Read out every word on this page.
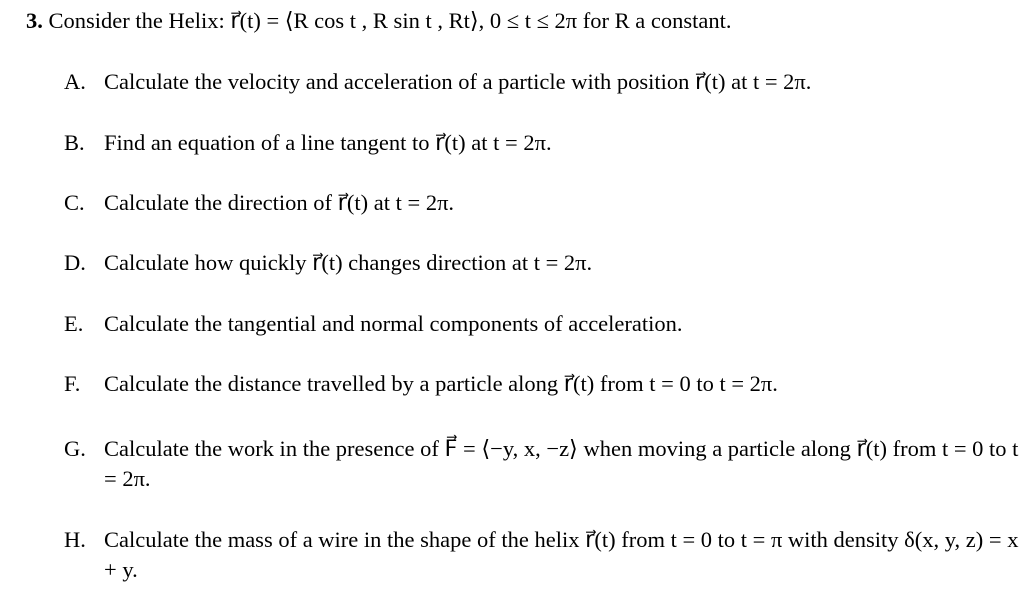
3. Consider the Helix: r⃗(t) = ⟨R cos t , R sin t , Rt⟩, 0 ≤ t ≤ 2π for R a constant.
A. Calculate the velocity and acceleration of a particle with position r⃗(t) at t = 2π.
B. Find an equation of a line tangent to r⃗(t) at t = 2π.
C. Calculate the direction of r⃗(t) at t = 2π.
D. Calculate how quickly r⃗(t) changes direction at t = 2π.
E. Calculate the tangential and normal components of acceleration.
F.	Calculate the distance travelled by a particle along r⃗(t) from t = 0 to t = 2π.
G. Calculate the work in the presence of F⃗ = ⟨−y, x, −z⟩ when moving a particle along r⃗(t) from t = 0 to t = 2π.
H. Calculate the mass of a wire in the shape of the helix r⃗(t) from t = 0 to t = π with density δ(x, y, z) = x + y.
